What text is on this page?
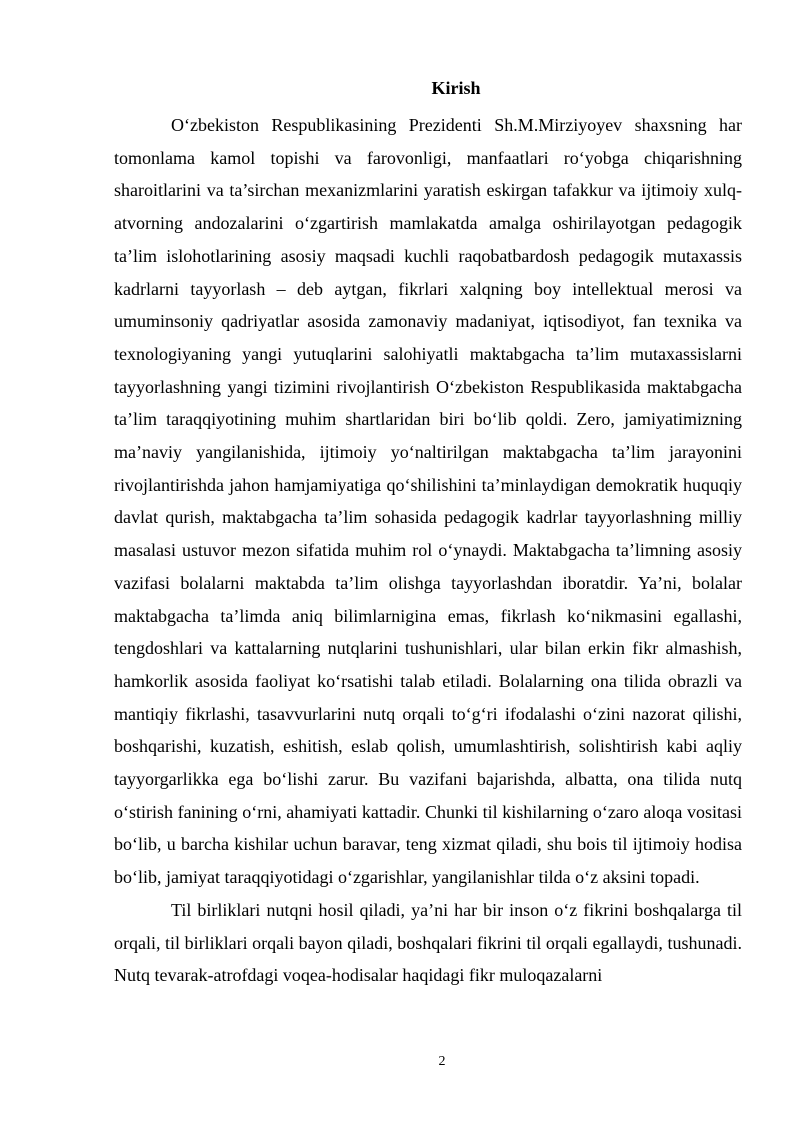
Kirish

O‘zbekiston Respublikasining Prezidenti Sh.M.Mirziyoyev shaxsning har tomonlama kamol topishi va farovonligi, manfaatlari ro‘yobga chiqarishning sharoitlarini va ta’sirchan mexanizmlarini yaratish eskirgan tafakkur va ijtimoiy xulq-atvorning andozalarini o‘zgartirish mamlakatda amalga oshirilayotgan pedagogik ta’lim islohotlarining asosiy maqsadi kuchli raqobatbardosh pedagogik mutaxassis kadrlarni tayyorlash – deb aytgan, fikrlari xalqning boy intellektual merosi va umuminsoniy qadriyatlar asosida zamonaviy madaniyat, iqtisodiyot, fan texnika va texnologiyaning yangi yutuqlarini salohiyatli maktabgacha ta’lim mutaxassislarni tayyorlashning yangi tizimini rivojlantirish O‘zbekiston Respublikasida maktabgacha ta’lim taraqqiyotining muhim shartlaridan biri bo‘lib qoldi. Zero, jamiyatimizning ma’naviy yangilanishida, ijtimoiy yo‘naltirilgan maktabgacha ta’lim jarayonini rivojlantirishda jahon hamjamiyatiga qo‘shilishini ta’minlaydigan demokratik huquqiy davlat qurish, maktabgacha ta’lim sohasida pedagogik kadrlar tayyorlashning milliy masalasi ustuvor mezon sifatida muhim rol o‘ynaydi. Maktabgacha ta’limning asosiy vazifasi bolalarni maktabda ta’lim olishga tayyorlashdan iboratdir. Ya’ni, bolalar maktabgacha ta’limda aniq bilimlarnigina emas, fikrlash ko‘nikmasini egallashi, tengdoshlari va kattalarning nutqlarini tushunishlari, ular bilan erkin fikr almashish, hamkorlik asosida faoliyat ko‘rsatishi talab etiladi. Bolalarning ona tilida obrazli va mantiqiy fikrlashi, tasavvurlarini nutq orqali to‘g‘ri ifodalashi o‘zini nazorat qilishi, boshqarishi, kuzatish, eshitish, eslab qolish, umumlashtirish, solishtirish kabi aqliy tayyorgarlikka ega bo‘lishi zarur. Bu vazifani bajarishda, albatta, ona tilida nutq o‘stirish fanining o‘rni, ahamiyati kattadir. Chunki til kishilarning o‘zaro aloqa vositasi bo‘lib, u barcha kishilar uchun baravar, teng xizmat qiladi, shu bois til ijtimoiy hodisa bo‘lib, jamiyat taraqqiyotidagi o‘zgarishlar, yangilanishlar tilda o‘z aksini topadi.

Til birliklari nutqni hosil qiladi, ya’ni har bir inson o‘z fikrini boshqalarga til orqali, til birliklari orqali bayon qiladi, boshqalari fikrini til orqali egallaydi, tushunadi. Nutq tevarak-atrofdagi voqea-hodisalar haqidagi fikr muloqazalarni

2
